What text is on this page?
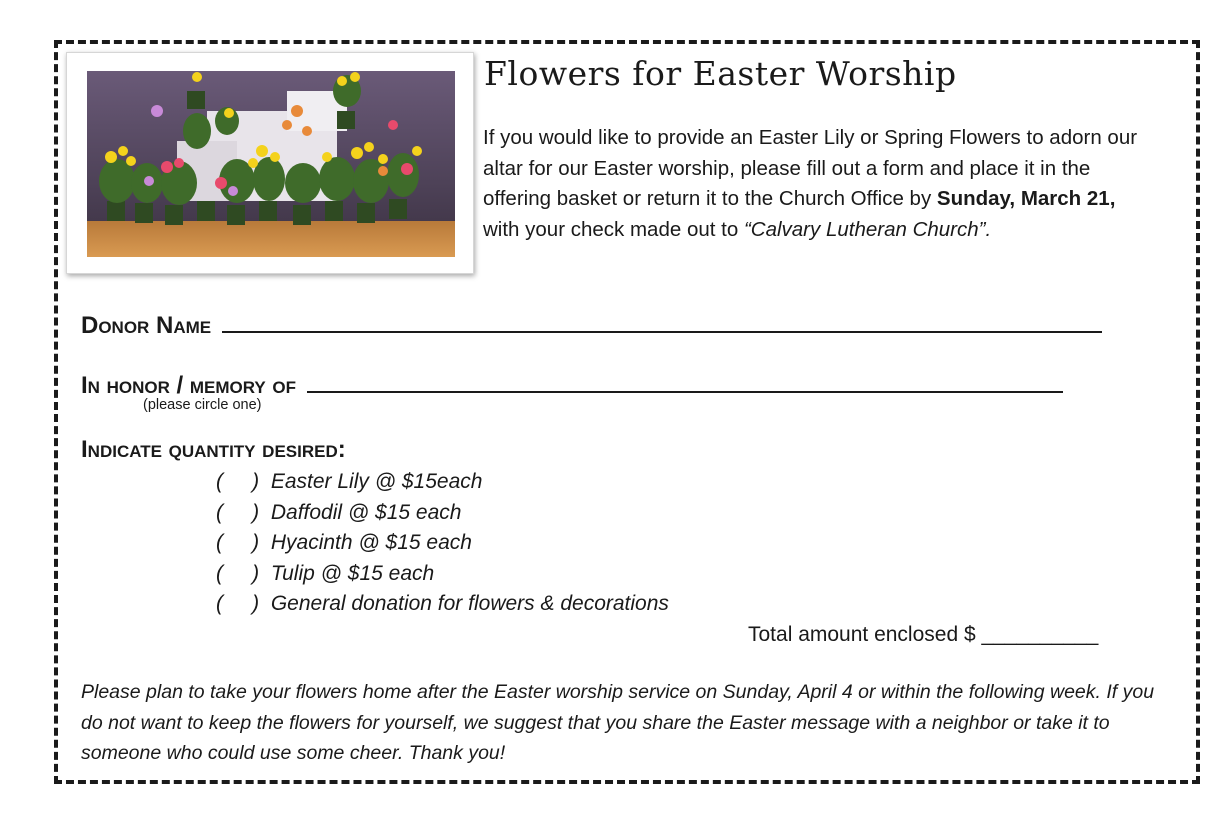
Flowers for Easter Worship
If you would like to provide an Easter Lily or Spring Flowers to adorn our altar for our Easter worship, please fill out a form and place it in the offering basket or return it to the Church Office by Sunday, March 21, with your check made out to “Calvary Lutheran Church”.
Donor Name
In honor / memory of
(please circle one)
Indicate quantity desired:
(     ) Easter Lily @ $15each
(     ) Daffodil @ $15 each
(     ) Hyacinth @ $15 each
(     ) Tulip @ $15 each
(     ) General donation for flowers & decorations
Total amount enclosed $ __________
Please plan to take your flowers home after the Easter worship service on Sunday, April 4 or within the following week. If you do not want to keep the flowers for yourself, we suggest that you share the Easter message with a neighbor or take it to someone who could use some cheer. Thank you!
